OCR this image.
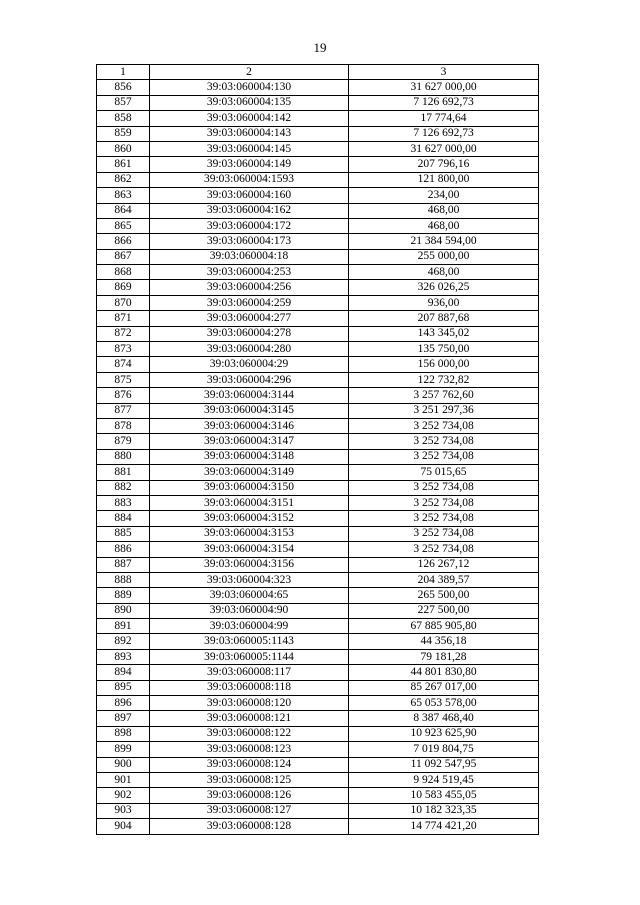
19
1	2	3
856	39:03:060004:130	31 627 000,00
857	39:03:060004:135	7 126 692,73
858	39:03:060004:142	17 774,64
859	39:03:060004:143	7 126 692,73
860	39:03:060004:145	31 627 000,00
861	39:03:060004:149	207 796,16
862	39:03:060004:1593	121 800,00
863	39:03:060004:160	234,00
864	39:03:060004:162	468,00
865	39:03:060004:172	468,00
866	39:03:060004:173	21 384 594,00
867	39:03:060004:18	255 000,00
868	39:03:060004:253	468,00
869	39:03:060004:256	326 026,25
870	39:03:060004:259	936,00
871	39:03:060004:277	207 887,68
872	39:03:060004:278	143 345,02
873	39:03:060004:280	135 750,00
874	39:03:060004:29	156 000,00
875	39:03:060004:296	122 732,82
876	39:03:060004:3144	3 257 762,60
877	39:03:060004:3145	3 251 297,36
878	39:03:060004:3146	3 252 734,08
879	39:03:060004:3147	3 252 734,08
880	39:03:060004:3148	3 252 734,08
881	39:03:060004:3149	75 015,65
882	39:03:060004:3150	3 252 734,08
883	39:03:060004:3151	3 252 734,08
884	39:03:060004:3152	3 252 734,08
885	39:03:060004:3153	3 252 734,08
886	39:03:060004:3154	3 252 734,08
887	39:03:060004:3156	126 267,12
888	39:03:060004:323	204 389,57
889	39:03:060004:65	265 500,00
890	39:03:060004:90	227 500,00
891	39:03:060004:99	67 885 905,80
892	39:03:060005:1143	44 356,18
893	39:03:060005:1144	79 181,28
894	39:03:060008:117	44 801 830,80
895	39:03:060008:118	85 267 017,00
896	39:03:060008:120	65 053 578,00
897	39:03:060008:121	8 387 468,40
898	39:03:060008:122	10 923 625,90
899	39:03:060008:123	7 019 804,75
900	39:03:060008:124	11 092 547,95
901	39:03:060008:125	9 924 519,45
902	39:03:060008:126	10 583 455,05
903	39:03:060008:127	10 182 323,35
904	39:03:060008:128	14 774 421,20
